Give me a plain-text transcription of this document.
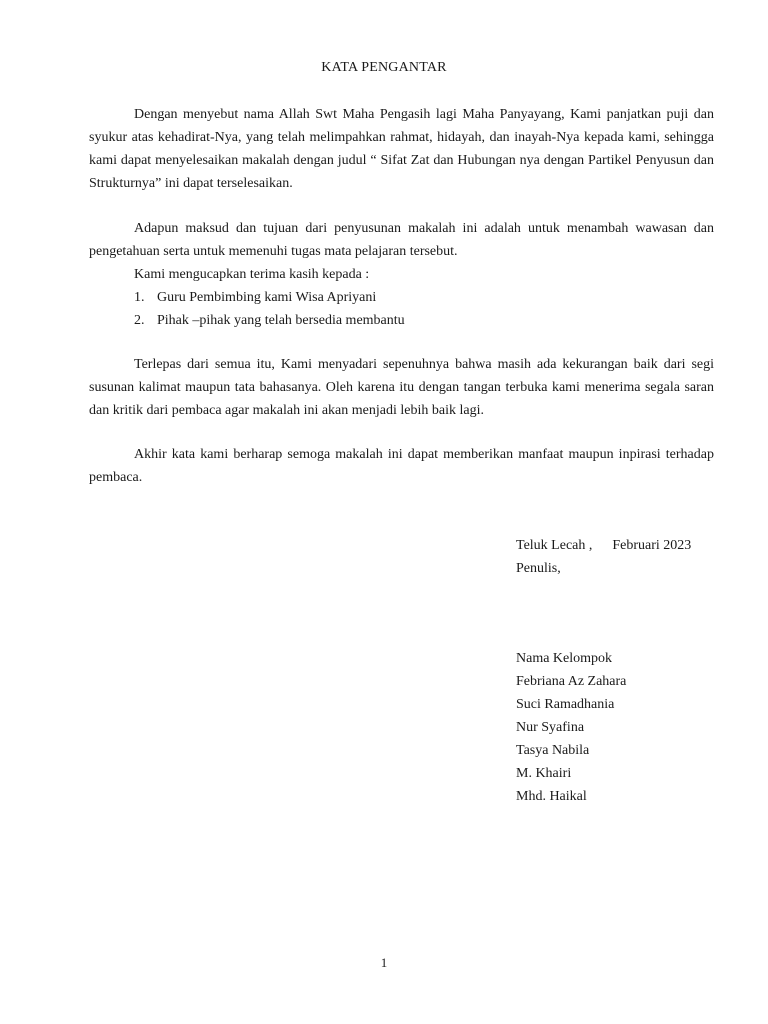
KATA PENGANTAR

Dengan menyebut nama Allah Swt Maha Pengasih lagi Maha Panyayang, Kami panjatkan puji dan syukur atas kehadirat-Nya, yang telah melimpahkan rahmat, hidayah, dan inayah-Nya kepada kami, sehingga kami dapat menyelesaikan makalah dengan judul “ Sifat Zat dan Hubungan nya dengan Partikel Penyusun dan Strukturnya” ini dapat terselesaikan.

Adapun maksud dan tujuan dari penyusunan makalah ini adalah untuk menambah wawasan dan pengetahuan serta untuk memenuhi tugas mata pelajaran tersebut.

Kami mengucapkan terima kasih kepada :

1. Guru Pembimbing kami Wisa Apriyani
2. Pihak –pihak yang telah bersedia membantu

Terlepas dari semua itu, Kami menyadari sepenuhnya bahwa masih ada kekurangan baik dari segi susunan kalimat maupun tata bahasanya. Oleh karena itu dengan tangan terbuka kami menerima segala saran dan kritik dari pembaca agar makalah ini akan menjadi lebih baik lagi.

Akhir kata kami berharap semoga makalah ini dapat memberikan manfaat maupun inpirasi terhadap pembaca.

Teluk Lecah , Februari 2023
Penulis,
Nama Kelompok
Febriana Az Zahara
Suci Ramadhania
Nur Syafina
Tasya Nabila
M. Khairi
Mhd. Haikal
1
